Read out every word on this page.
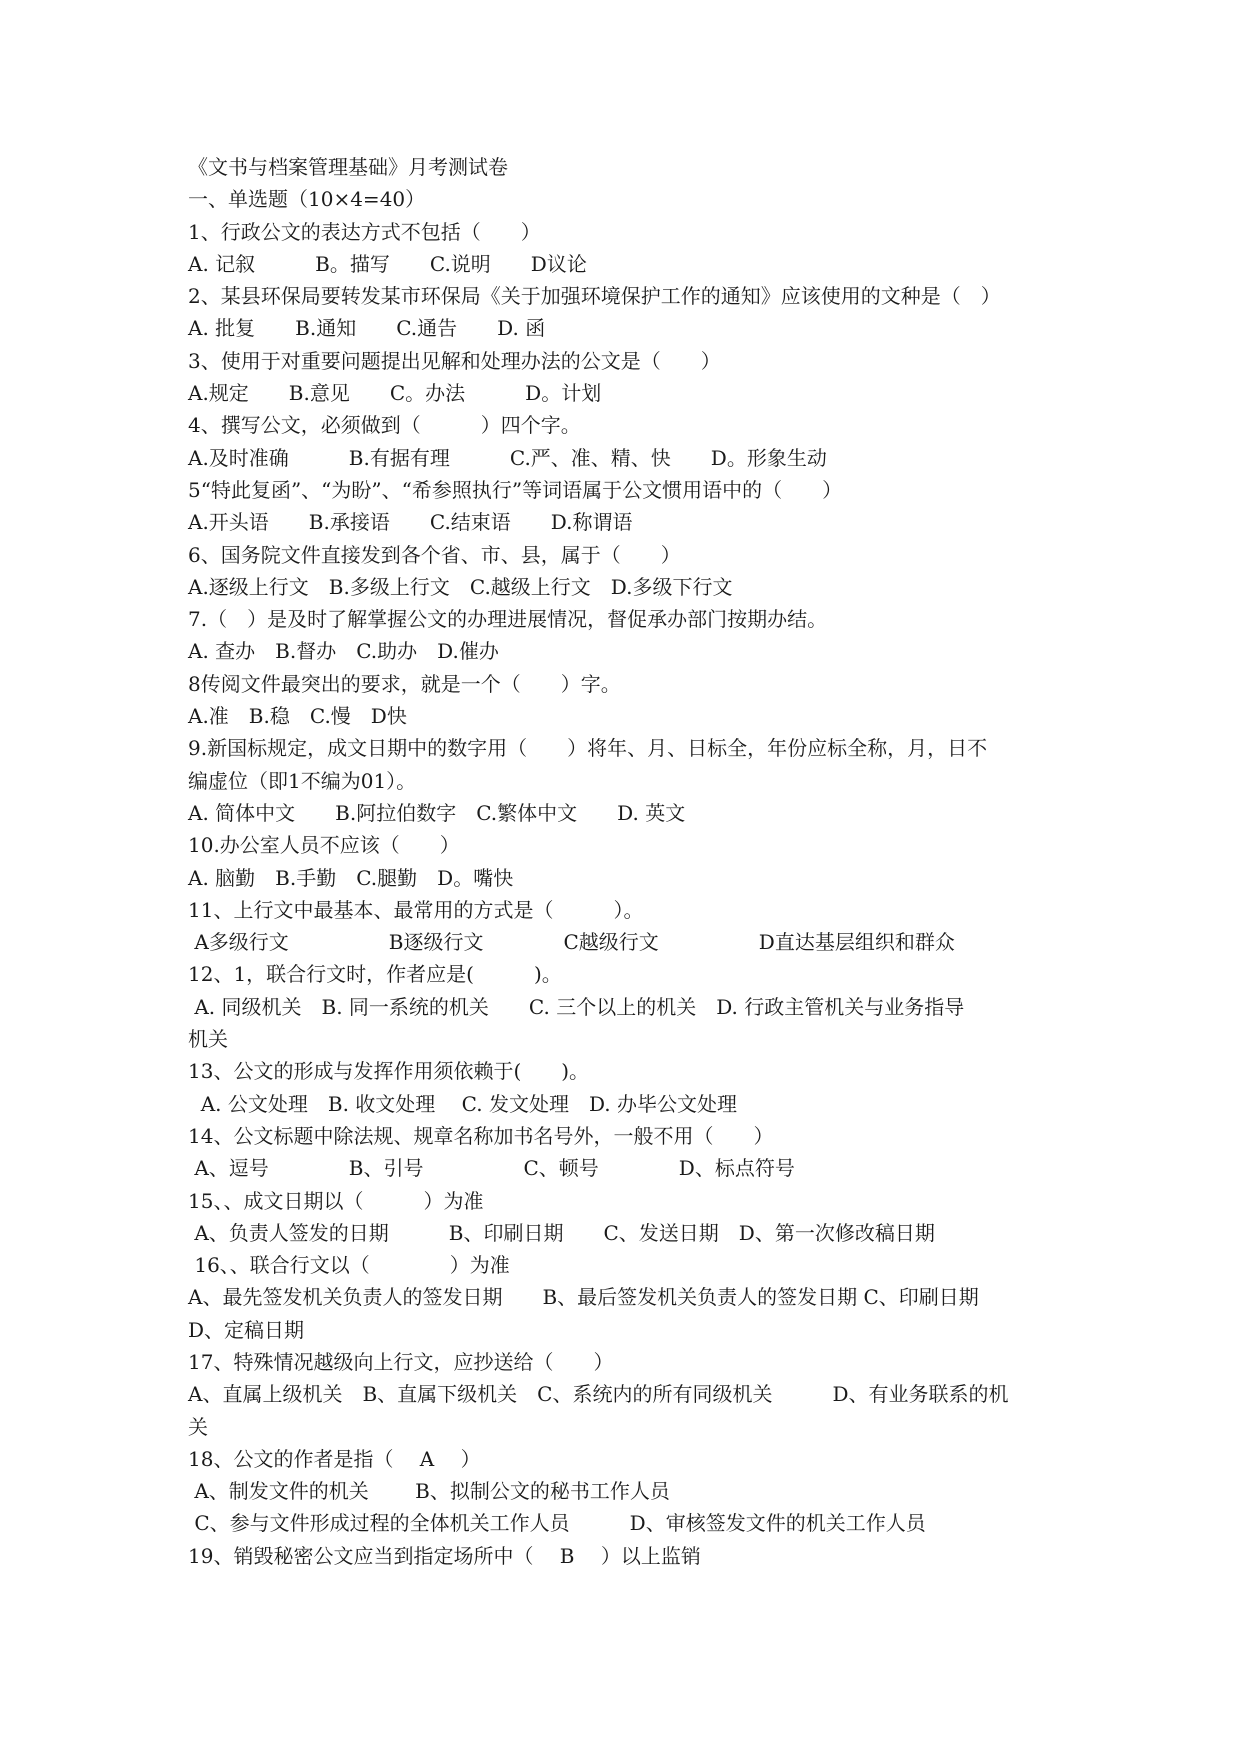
《文书与档案管理基础》月考测试卷
一、单选题（10×4=40）
1、行政公文的表达方式不包括（　　）
A. 记叙　　　B。描写　　C.说明　　D议论
2、某县环保局要转发某市环保局《关于加强环境保护工作的通知》应该使用的文种是（　）
A. 批复　　B.通知　　C.通告　　D. 函
3、使用于对重要问题提出见解和处理办法的公文是（　　）
A.规定　　B.意见　　C。办法　　　D。计划
4、撰写公文，必须做到（　　　）四个字。
A.及时准确　　　B.有据有理　　　C.严、准、精、快　　D。形象生动
5“特此复函”、“为盼”、“希参照执行”等词语属于公文惯用语中的（　　）
A.开头语　　B.承接语　　C.结束语　　D.称谓语
6、国务院文件直接发到各个省、市、县，属于（　　）
A.逐级上行文　B.多级上行文　C.越级上行文　D.多级下行文
7.（　）是及时了解掌握公文的办理进展情况，督促承办部门按期办结。
A. 查办　B.督办　C.助办　D.催办
8传阅文件最突出的要求，就是一个（　　）字。
A.准　B.稳　C.慢　D快
9.新国标规定，成文日期中的数字用（　　）将年、月、日标全，年份应标全称，月，日不
编虚位（即1不编为01）。
A. 简体中文　　B.阿拉伯数字　C.繁体中文　　D. 英文
10.办公室人员不应该（　　）
A. 脑勤　B.手勤　C.腿勤　D。嘴快
11、上行文中最基本、最常用的方式是（　　　）。
A多级行文　　　　　B逐级行文　　　　C越级行文　　　　　D直达基层组织和群众
12、1，联合行文时，作者应是(　　　)。
A. 同级机关　B. 同一系统的机关　　C. 三个以上的机关　D. 行政主管机关与业务指导
机关
13、公文的形成与发挥作用须依赖于(　　)。
A. 公文处理　B. 收文处理　 C. 发文处理　D. 办毕公文处理
14、公文标题中除法规、规章名称加书名号外，一般不用（　　）
A、逗号　　　　B、引号　　　　　C、顿号　　　　D、标点符号
15、、成文日期以（　　　）为准
A、负责人签发的日期　　　B、印刷日期　　C、发送日期　D、第一次修改稿日期
16、、联合行文以（　　　　）为准
A、最先签发机关负责人的签发日期　　B、最后签发机关负责人的签发日期 C、印刷日期
D、定稿日期
17、特殊情况越级向上行文，应抄送给（　　）
A、直属上级机关　B、直属下级机关　C、系统内的所有同级机关　　　D、有业务联系的机
关
18、公文的作者是指（　 A　 ）
A、制发文件的机关　　 B、拟制公文的秘书工作人员
C、参与文件形成过程的全体机关工作人员　　　D、审核签发文件的机关工作人员
19、销毁秘密公文应当到指定场所中（　 B　 ）以上监销
